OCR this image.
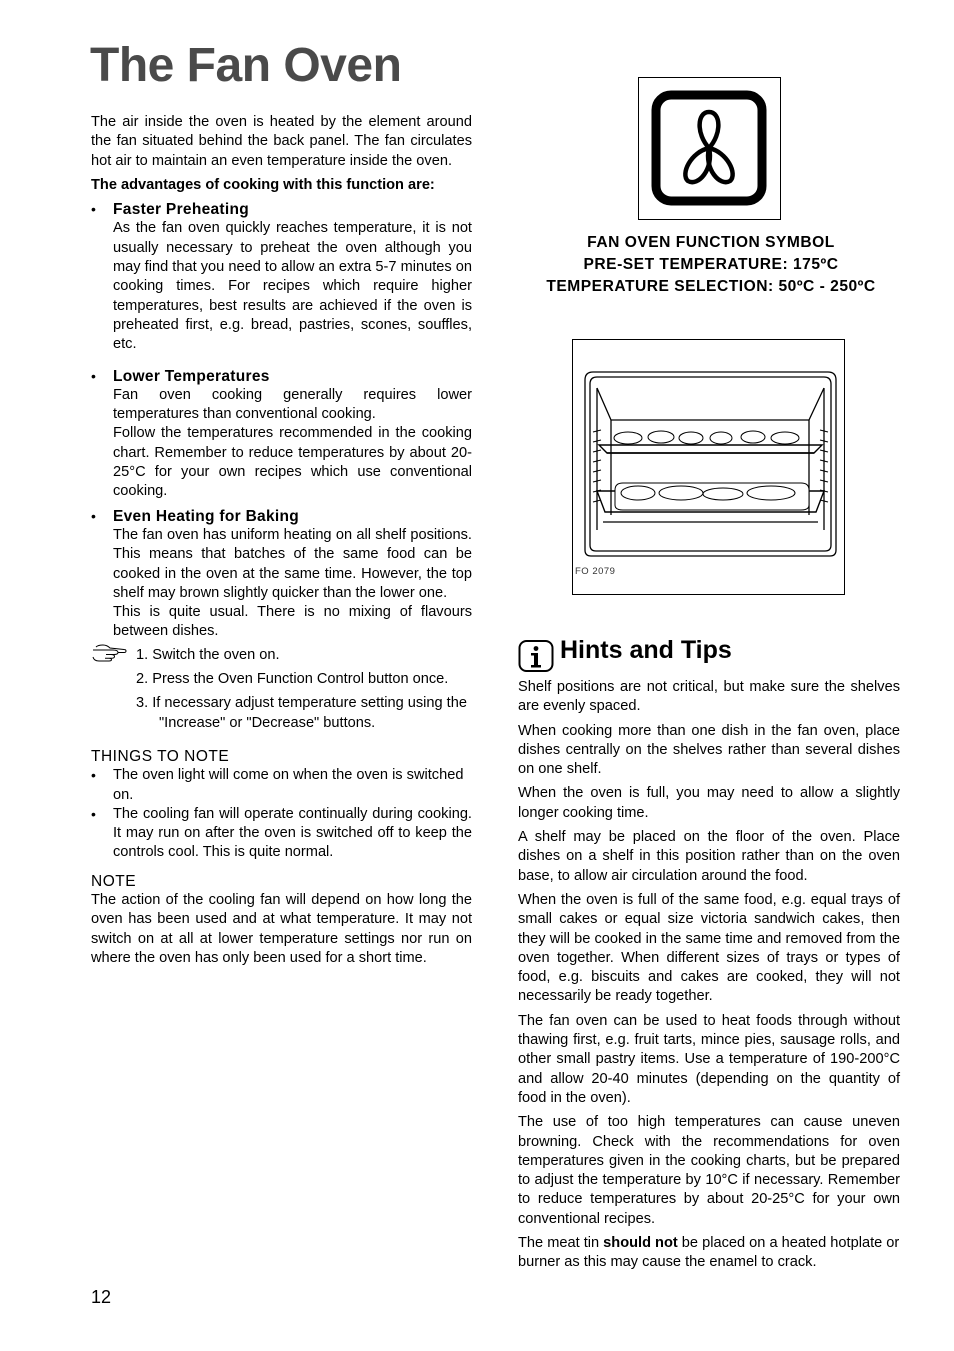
The Fan Oven

The air inside the oven is heated by the element around the fan situated behind the back panel. The fan circulates hot air to maintain an even temperature inside the oven.

The advantages of cooking with this function are:

• Faster Preheating

As the fan oven quickly reaches temperature, it is not usually necessary to preheat the oven although you may find that you need to allow an extra 5-7 minutes on cooking times. For recipes which require higher temperatures, best results are achieved if the oven is preheated first, e.g. bread, pastries, scones, souffles, etc.

• Lower Temperatures

Fan oven cooking generally requires lower temperatures than conventional cooking.

Follow the temperatures recommended in the cooking chart. Remember to reduce temperatures by about 20-25°C for your own recipes which use conventional cooking.

• Even Heating for Baking

The fan oven has uniform heating on all shelf positions. This means that batches of the same food can be cooked in the oven at the same time. However, the top shelf may brown slightly quicker than the lower one.

This is quite usual. There is no mixing of flavours between dishes.

1. Switch the oven on.

2. Press the Oven Function Control button once.

3. If necessary adjust temperature setting using the "Increase" or "Decrease" buttons.

THINGS TO NOTE

• The oven light will come on when the oven is switched on.

• The cooling fan will operate continually during cooking. It may run on after the oven is switched off to keep the controls cool. This is quite normal.

NOTE

The action of the cooling fan will depend on how long the oven has been used and at what temperature. It may not switch on at all at lower temperature settings nor run on where the oven has only been used for a short time.

FAN OVEN FUNCTION SYMBOL

PRE-SET TEMPERATURE: 175ºC

TEMPERATURE SELECTION: 50ºC - 250ºC

FO 2079
Hints and Tips

Shelf positions are not critical, but make sure the shelves are evenly spaced.

When cooking more than one dish in the fan oven, place dishes centrally on the shelves rather than several dishes on one shelf.

When the oven is full, you may need to allow a slightly longer cooking time.

A shelf may be placed on the floor of the oven. Place dishes on a shelf in this position rather than on the oven base, to allow air circulation around the food.

When the oven is full of the same food, e.g. equal trays of small cakes or equal size victoria sandwich cakes, then they will be cooked in the same time and removed from the oven together. When different sizes of trays or types of food, e.g. biscuits and cakes are cooked, they will not necessarily be ready together.

The fan oven can be used to heat foods through without thawing first, e.g. fruit tarts, mince pies, sausage rolls, and other small pastry items. Use a temperature of 190-200°C and allow 20-40 minutes (depending on the quantity of food in the oven).

The use of too high temperatures can cause uneven browning. Check with the recommendations for oven temperatures given in the cooking charts, but be prepared to adjust the temperature by 10°C if necessary. Remember to reduce temperatures by about 20-25°C for your own conventional recipes.

The meat tin should not be placed on a heated hotplate or burner as this may cause the enamel to crack.

12
